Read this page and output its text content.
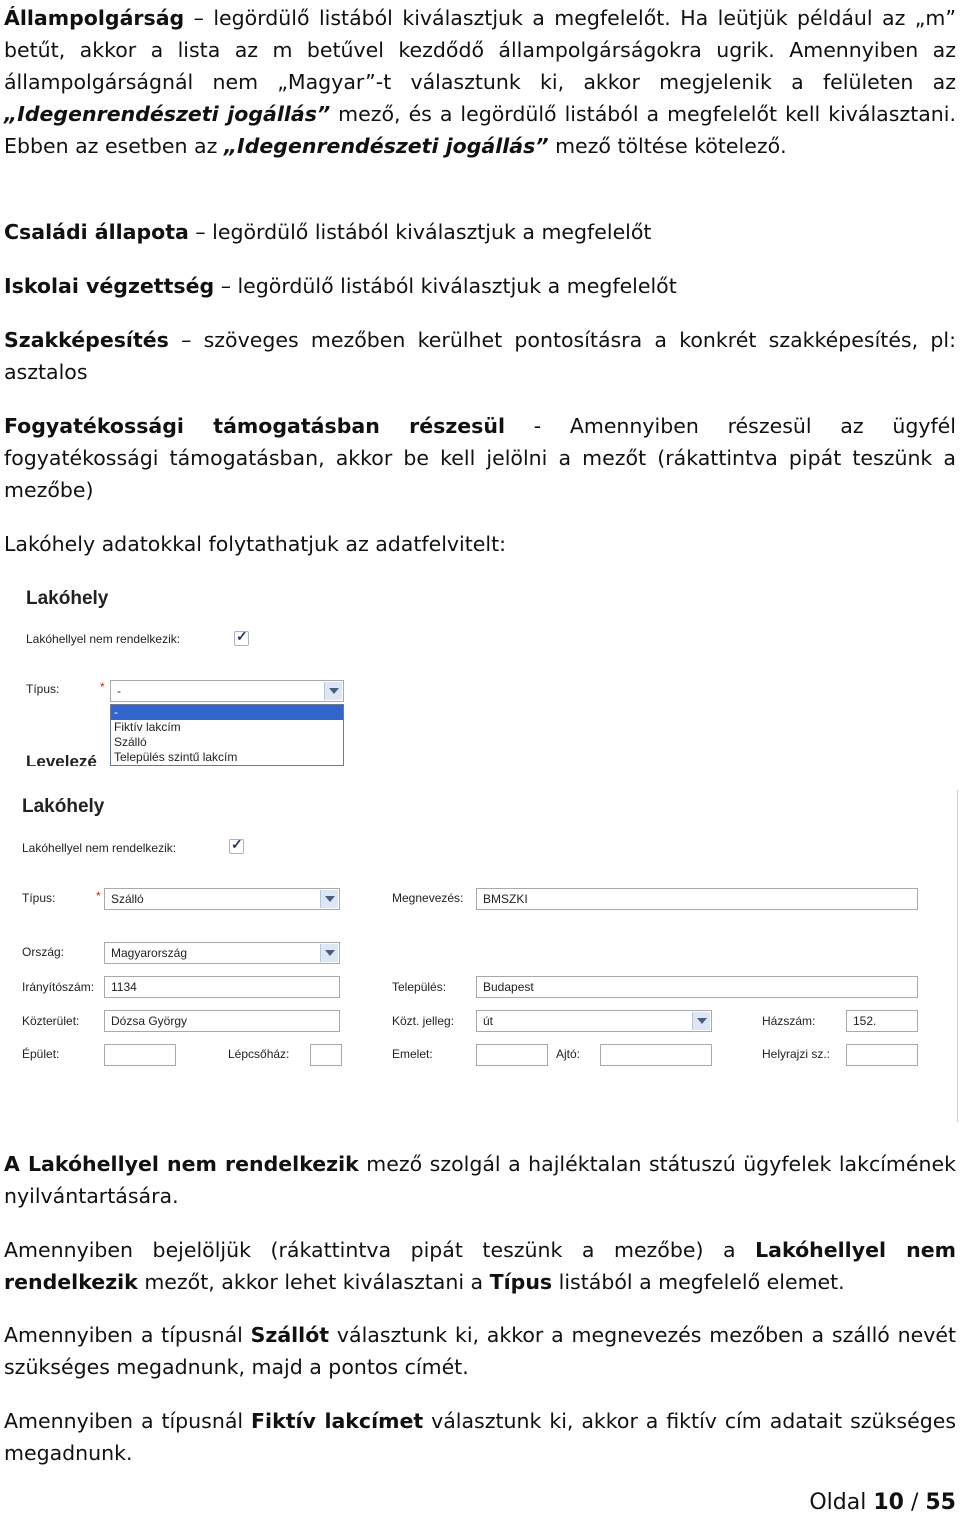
Állampolgárság – legördülő listából kiválasztjuk a megfelelőt. Ha leütjük például az „m” betűt, akkor a lista az m betűvel kezdődő állampolgárságokra ugrik. Amennyiben az állampolgárságnál nem „Magyar”-t választunk ki, akkor megjelenik a felületen az „Idegenrendészeti jogállás” mező, és a legördülő listából a megfelelőt kell kiválasztani. Ebben az esetben az „Idegenrendészeti jogállás” mező töltése kötelező.

Családi állapota – legördülő listából kiválasztjuk a megfelelőt

Iskolai végzettség – legördülő listából kiválasztjuk a megfelelőt

Szakképesítés – szöveges mezőben kerülhet pontosításra a konkrét szakképesítés, pl: asztalos

Fogyatékossági támogatásban részesül - Amennyiben részesül az ügyfél fogyatékossági támogatásban, akkor be kell jelölni a mezőt (rákattintva pipát teszünk a mezőbe)

Lakóhely adatokkal folytathatjuk az adatfelvitelt:

Lakóhely
Lakóhellyel nem rendelkezik:	✓
Típus:	*	-
-
Fiktív lakcím
Szálló
Település szintű lakcím
Levelezé
Lakóhely
Lakóhellyel nem rendelkezik:	✓
Típus:	* Szálló	Megnevezés:	BMSZKI
Ország:	Magyarország
Irányítószám:	1134	Település:	Budapest
Közterület:	Dózsa György	Közt. jelleg:	út	Házszám:	152.
Épület:	Lépcsőház:	Emelet:	Ajtó:	Helyrajzi sz.:

A Lakóhellyel nem rendelkezik mező szolgál a hajléktalan státuszú ügyfelek lakcímének nyilvántartására.

Amennyiben bejelöljük (rákattintva pipát teszünk a mezőbe) a Lakóhellyel nem rendelkezik mezőt, akkor lehet kiválasztani a Típus listából a megfelelő elemet.

Amennyiben a típusnál Szállót választunk ki, akkor a megnevezés mezőben a szálló nevét szükséges megadnunk, majd a pontos címét.

Amennyiben a típusnál Fiktív lakcímet választunk ki, akkor a fiktív cím adatait szükséges megadnunk.

Oldal 10 / 55
